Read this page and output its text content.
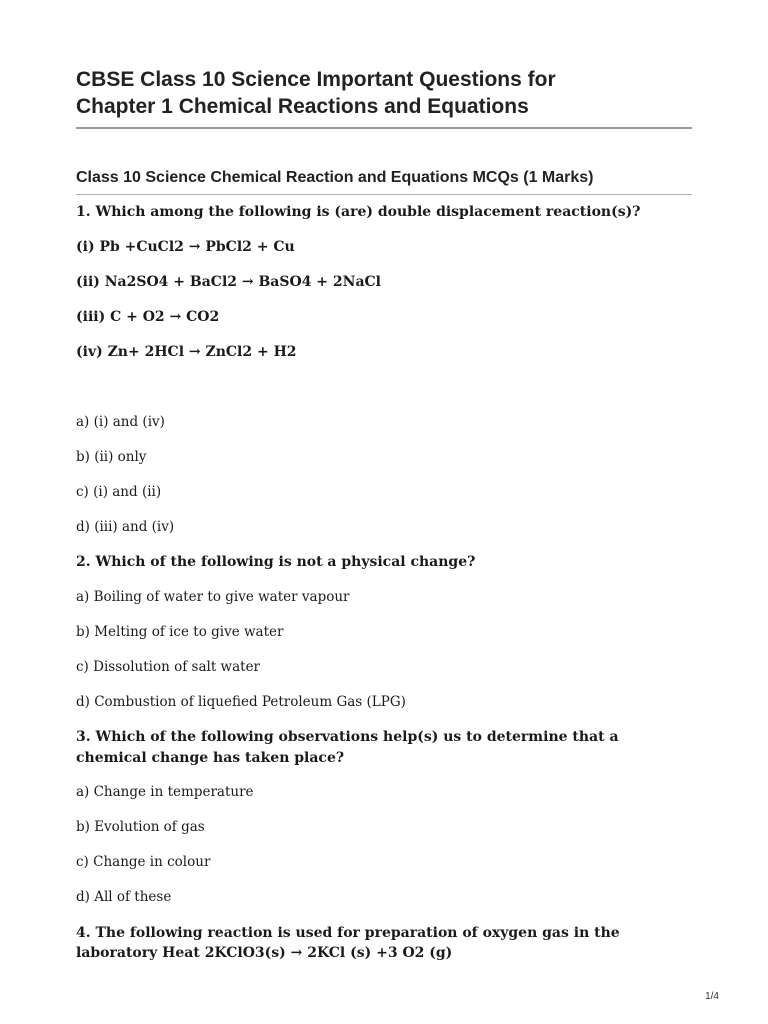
CBSE Class 10 Science Important Questions for
Chapter 1 Chemical Reactions and Equations
Class 10 Science Chemical Reaction and Equations MCQs (1 Marks)

1. Which among the following is (are) double displacement reaction(s)?

(i) Pb +CuCl2 → PbCl2 + Cu

(ii) Na2SO4 + BaCl2 → BaSO4 + 2NaCl

(iii) C + O2 → CO2

(iv) Zn+ 2HCl → ZnCl2 + H2

a) (i) and (iv)

b) (ii) only

c) (i) and (ii)

d) (iii) and (iv)

2. Which of the following is not a physical change?

a) Boiling of water to give water vapour

b) Melting of ice to give water

c) Dissolution of salt water

d) Combustion of liquefied Petroleum Gas (LPG)

3. Which of the following observations help(s) us to determine that a

chemical change has taken place?

a) Change in temperature

b) Evolution of gas

c) Change in colour

d) All of these

4. The following reaction is used for preparation of oxygen gas in the

laboratory Heat 2KClO3(s) → 2KCl (s) +3 O2 (g)

1/4
